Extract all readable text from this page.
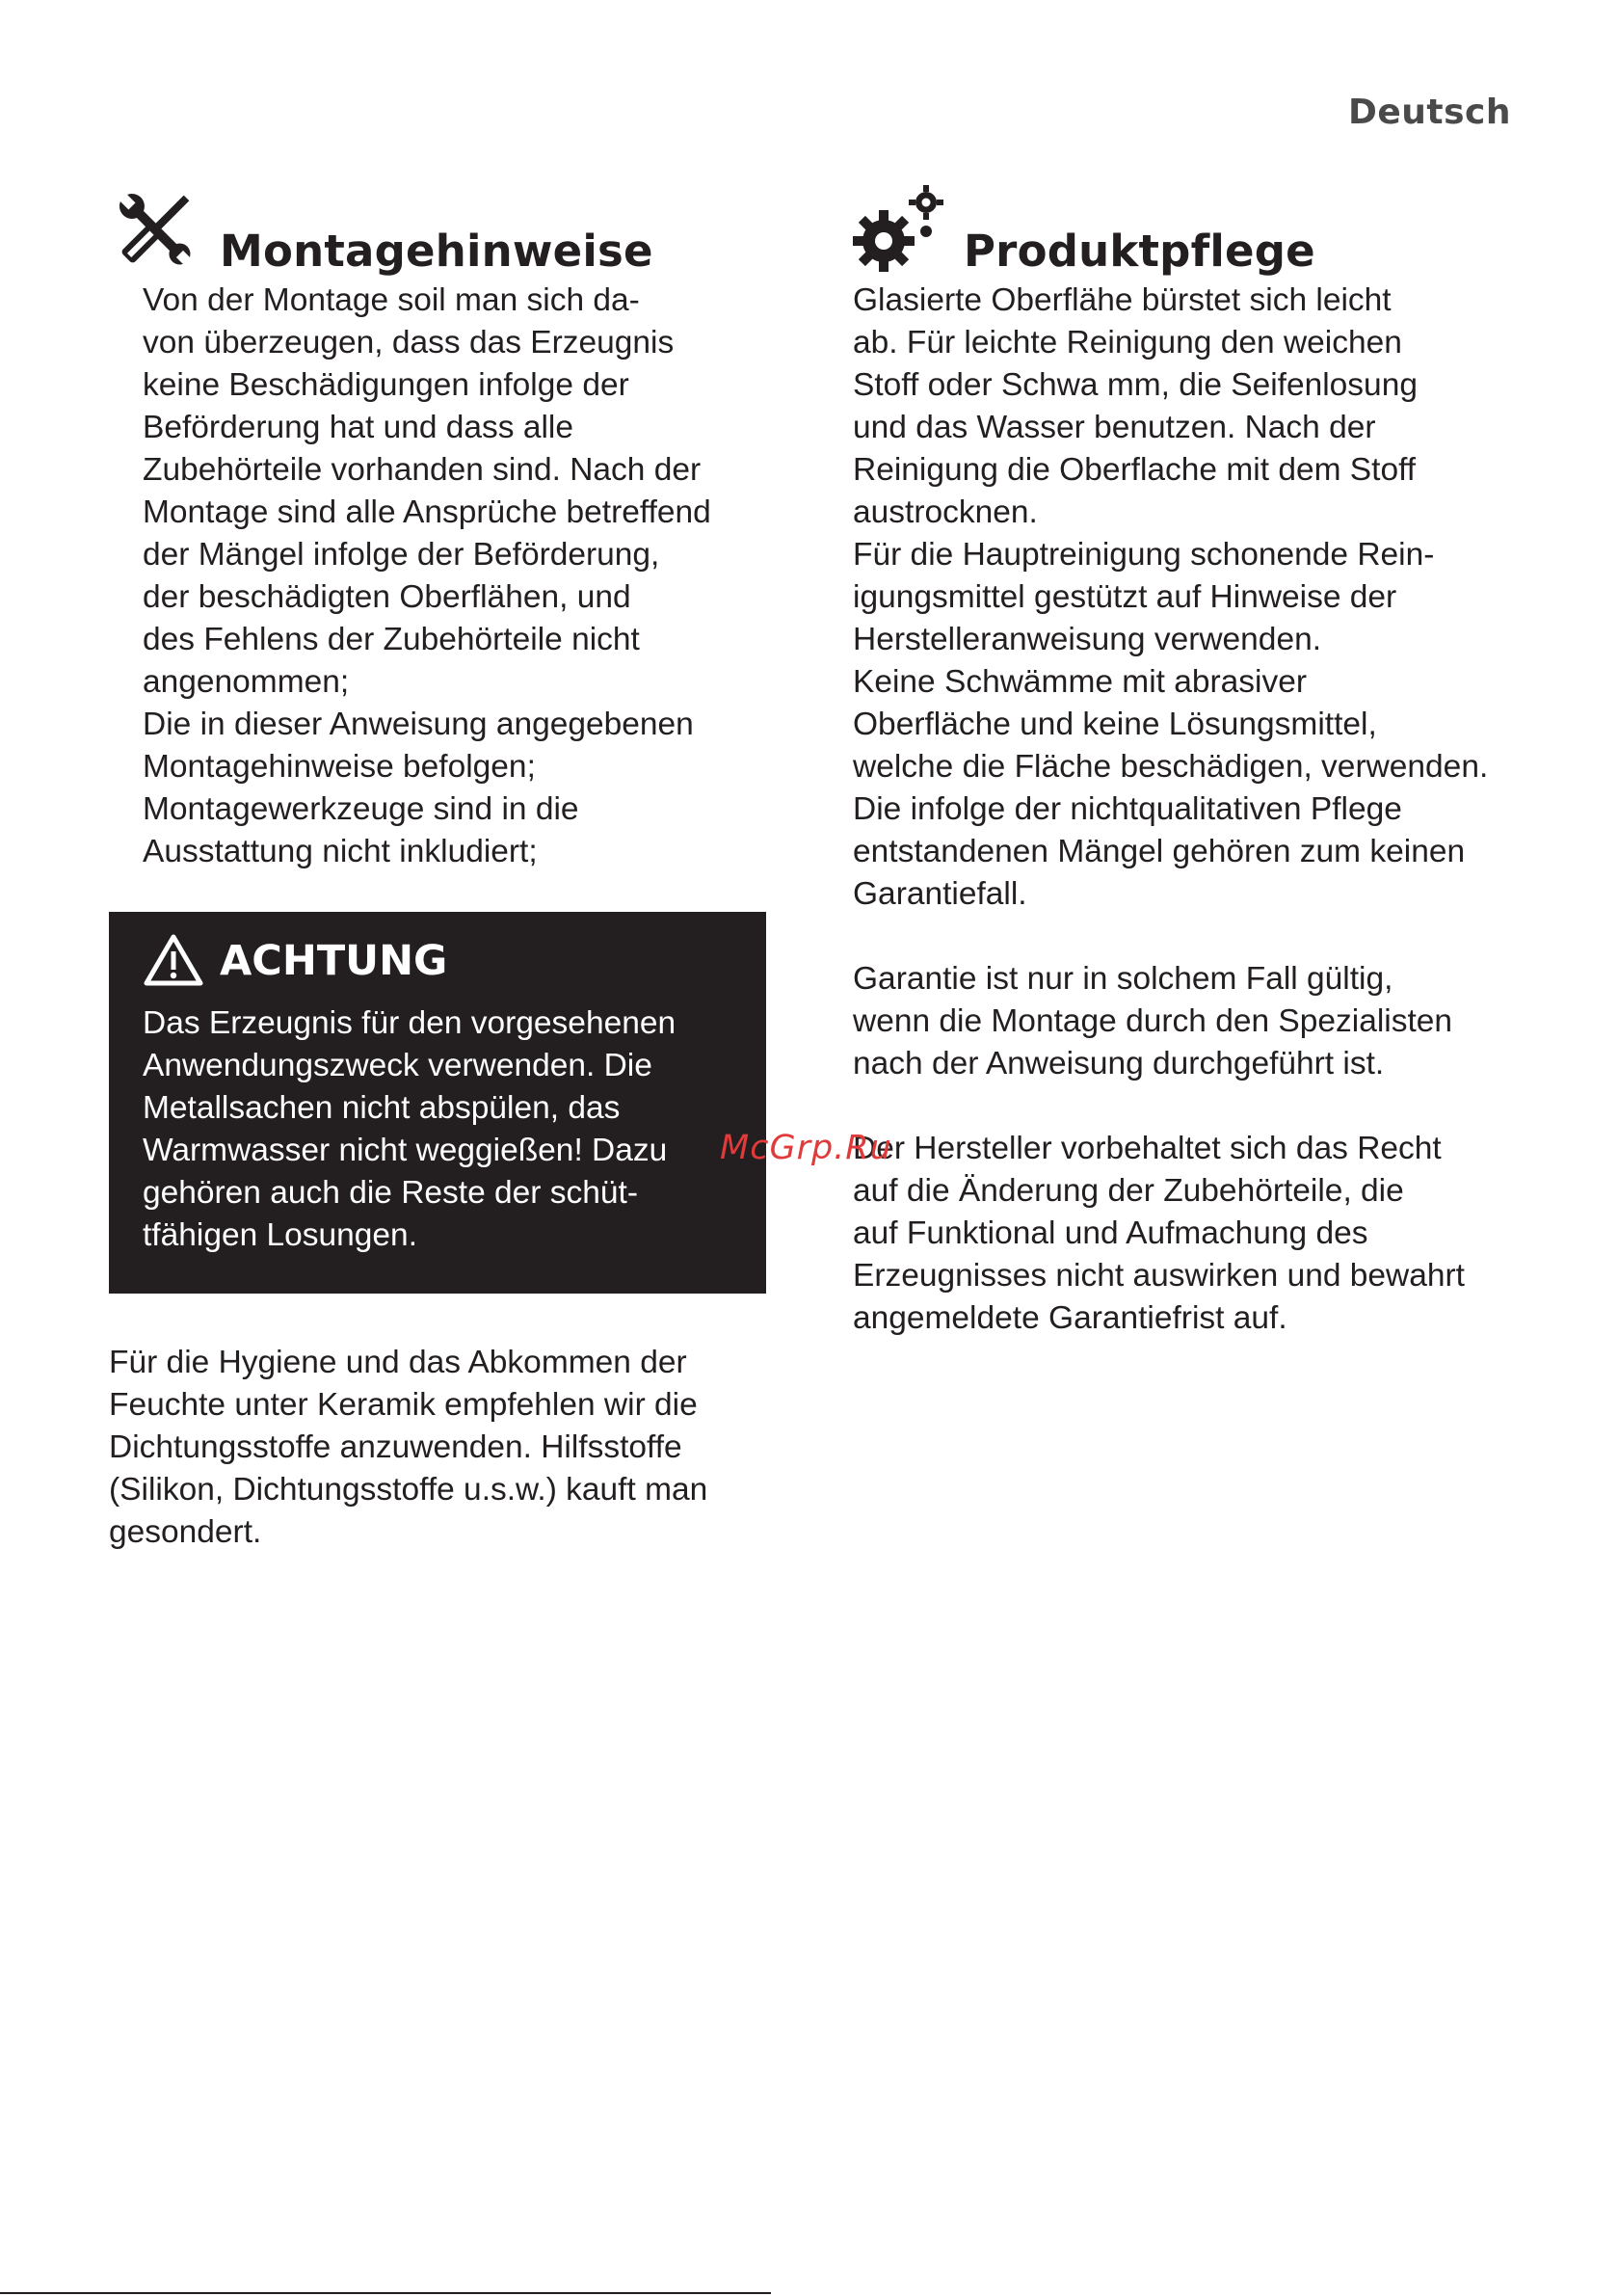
Deutsch
Montagehinweise

Von der Montage soil man sich da-
von überzeugen, dass das Erzeugnis
keine Beschädigungen infolge der
Beförderung hat und dass alle
Zubehörteile vorhanden sind. Nach der
Montage sind alle Ansprüche betreffend
der Mängel infolge der Beförderung,
der beschädigten Oberflähen, und
des Fehlens der Zubehörteile nicht
angenommen;
Die in dieser Anweisung angegebenen
Montagehinweise befolgen;
Montagewerkzeuge sind in die
Ausstattung nicht inkludiert;

ACHTUNG

Das Erzeugnis für den vorgesehenen
Anwendungszweck verwenden. Die
Metallsachen nicht abspülen, das
Warmwasser nicht weggießen! Dazu
gehören auch die Reste der schüt-
tfähigen Losungen.

Für die Hygiene und das Abkommen der
Feuchte unter Keramik empfehlen wir die
Dichtungsstoffe anzuwenden. Hilfsstoffe
(Silikon, Dichtungsstoffe u.s.w.) kauft man
gesondert.

Produktpflege

Glasierte Oberflähe bürstet sich leicht
ab. Für leichte Reinigung den weichen
Stoff oder Schwa mm, die Seifenlosung
und das Wasser benutzen. Nach der
Reinigung die Oberflache mit dem Stoff
austrocknen.
Für die Hauptreinigung schonende Rein-
igungsmittel gestützt auf Hinweise der
Herstelleranweisung verwenden.
Keine Schwämme mit abrasiver
Oberfläche und keine Lösungsmittel,
welche die Fläche beschädigen, verwenden.
Die infolge der nichtqualitativen Pflege
entstandenen Mängel gehören zum keinen
Garantiefall.

Garantie ist nur in solchem Fall gültig,
wenn die Montage durch den Spezialisten
nach der Anweisung durchgeführt ist.

Der Hersteller vorbehaltet sich das Recht
auf die Änderung der Zubehörteile, die
auf Funktional und Aufmachung des
Erzeugnisses nicht auswirken und bewahrt
angemeldete Garantiefrist auf.

McGrp.Ru
